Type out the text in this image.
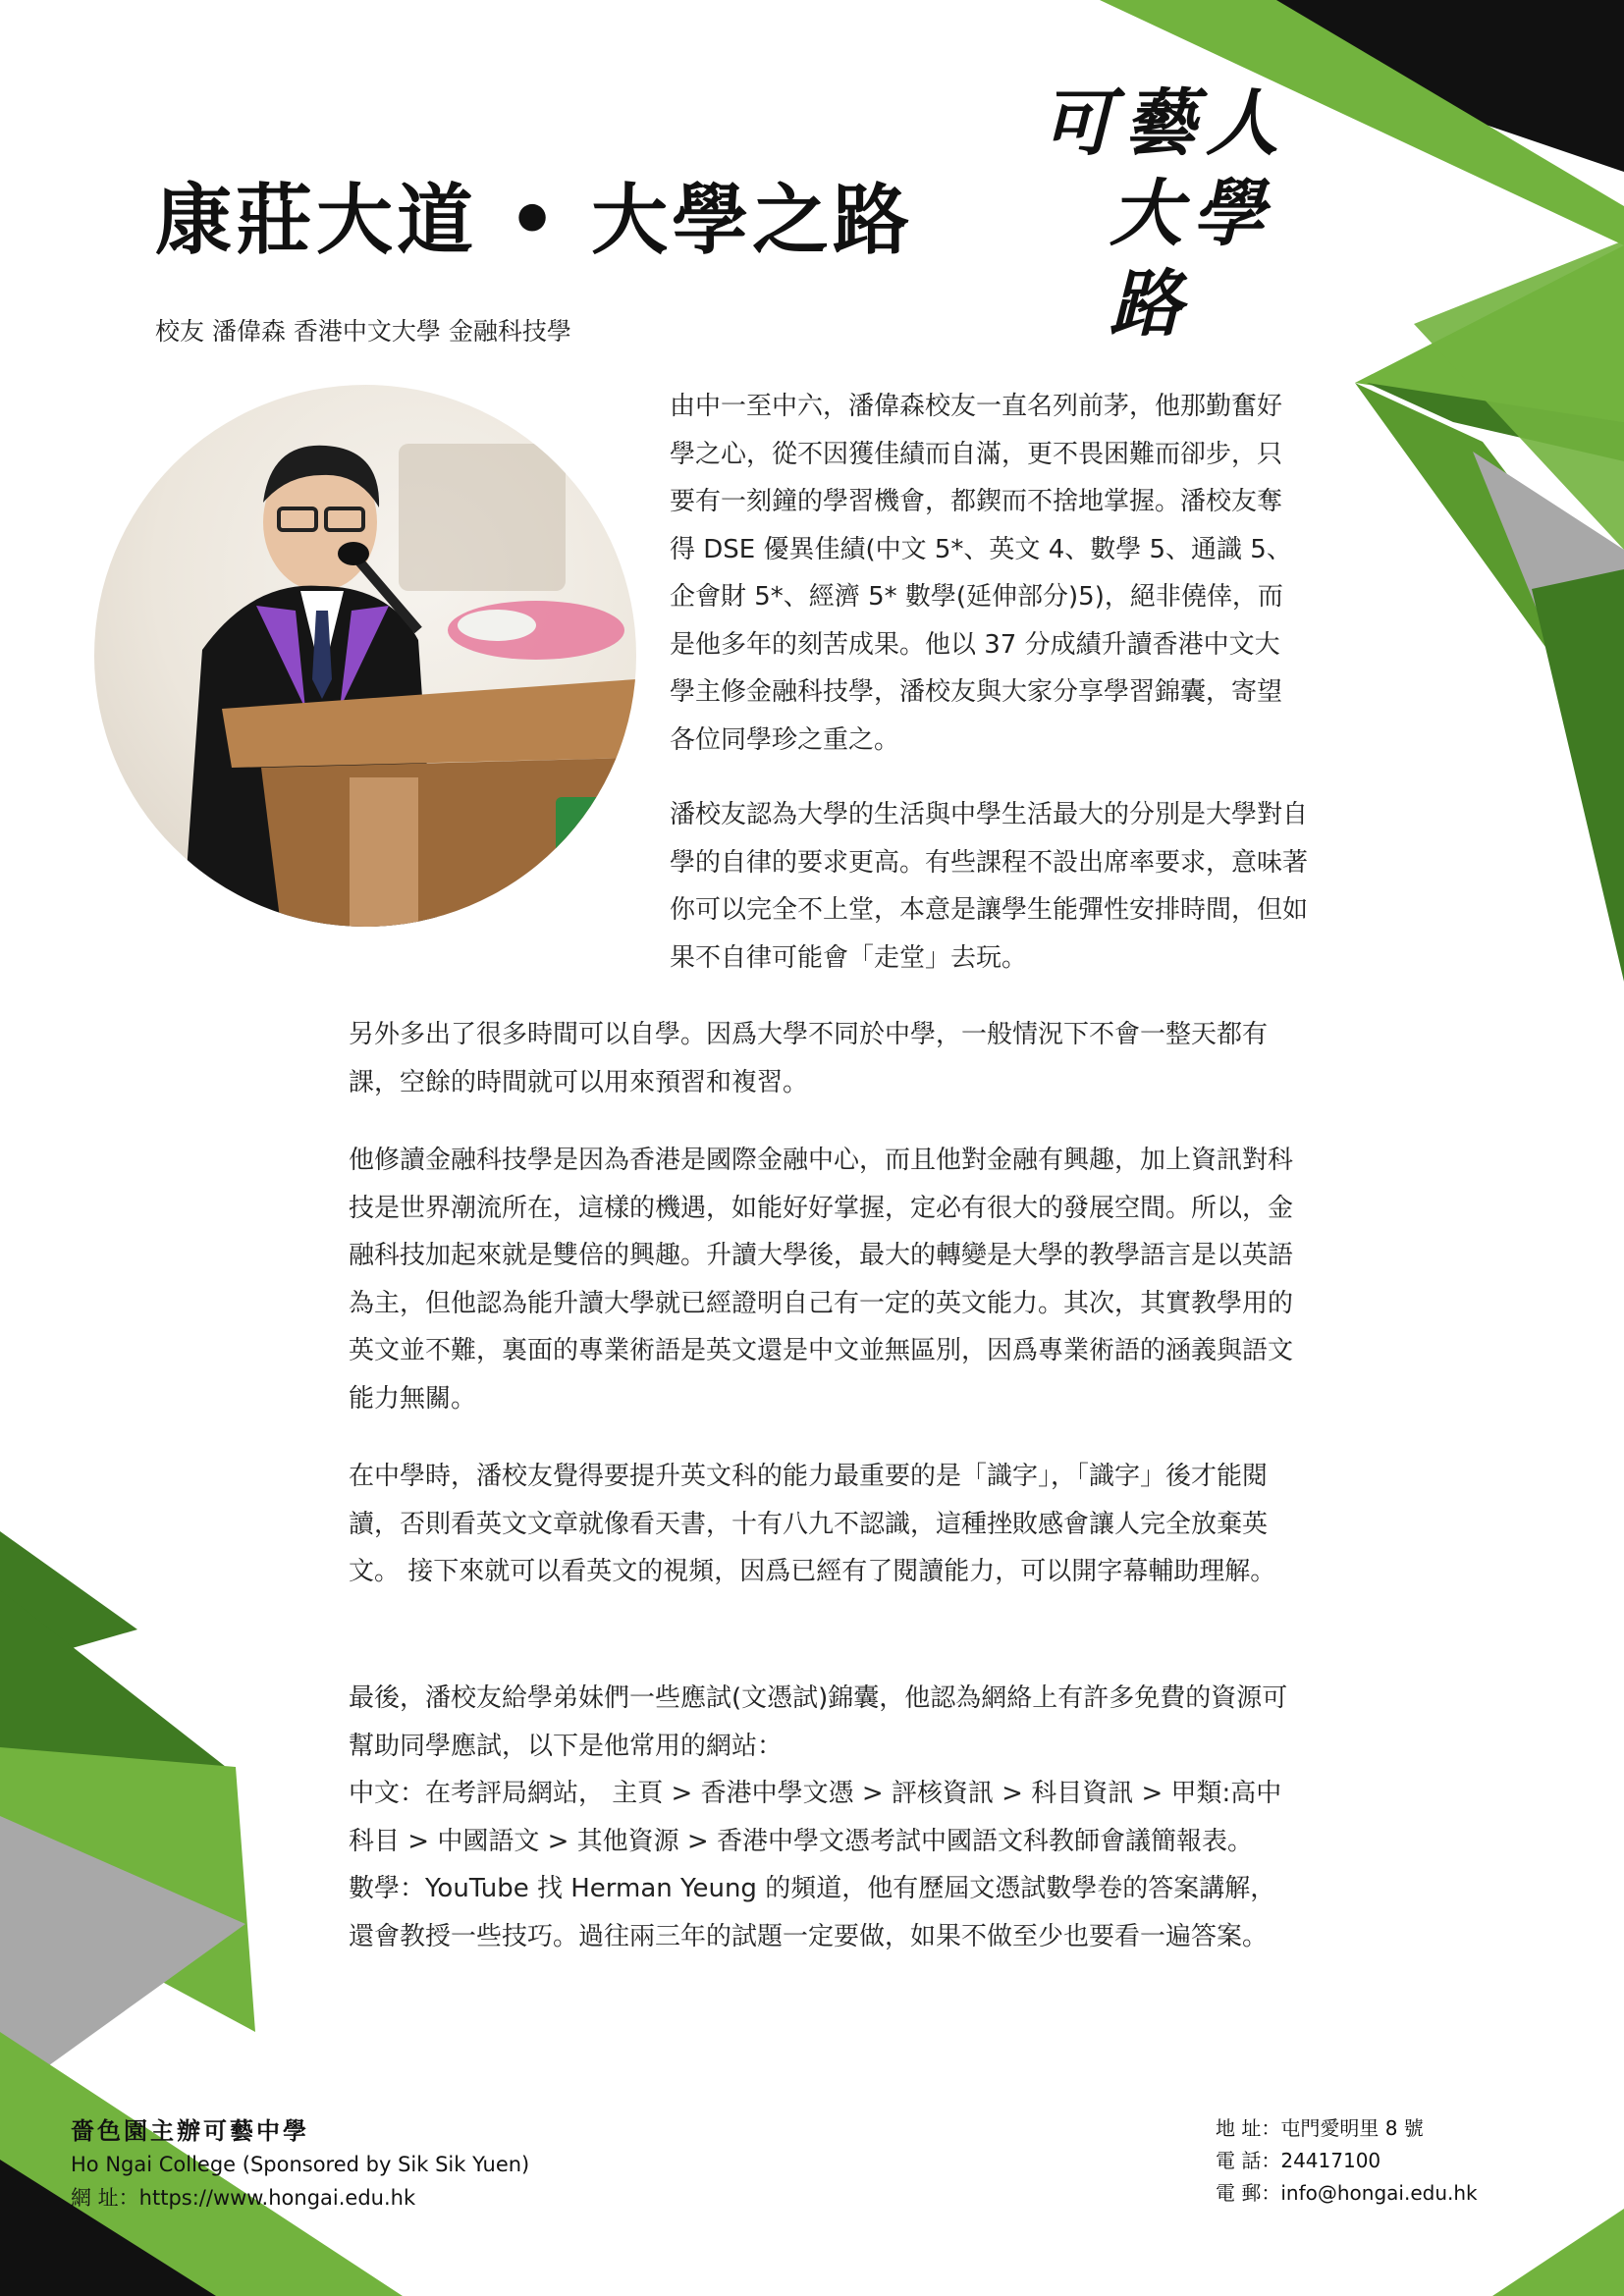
康莊大道 • 大學之路
可藝人
大學路
校友 潘偉森 香港中文大學 金融科技學

由中一至中六，潘偉森校友一直名列前茅，他那勤奮好學之心，從不因獲佳績而自滿，更不畏困難而卻步，只要有一刻鐘的學習機會，都鍥而不捨地掌握。潘校友奪得 DSE 優異佳績(中文 5*、英文 4、數學 5、通識 5、企會財 5*、經濟 5* 數學(延伸部分)5)，絕非僥倖，而是他多年的刻苦成果。他以 37 分成績升讀香港中文大學主修金融科技學，潘校友與大家分享學習錦囊，寄望各位同學珍之重之。

潘校友認為大學的生活與中學生活最大的分別是大學對自學的自律的要求更高。有些課程不設出席率要求，意味著你可以完全不上堂，本意是讓學生能彈性安排時間，但如果不自律可能會「走堂」去玩。

另外多出了很多時間可以自學。因爲大學不同於中學，一般情況下不會一整天都有課，空餘的時間就可以用來預習和複習。

他修讀金融科技學是因為香港是國際金融中心，而且他對金融有興趣，加上資訊對科技是世界潮流所在，這樣的機遇，如能好好掌握，定必有很大的發展空間。所以，金融科技加起來就是雙倍的興趣。升讀大學後，最大的轉變是大學的教學語言是以英語為主，但他認為能升讀大學就已經證明自己有一定的英文能力。其次，其實教學用的英文並不難，裏面的專業術語是英文還是中文並無區別，因爲專業術語的涵義與語文能力無關。

在中學時，潘校友覺得要提升英文科的能力最重要的是「識字」，「識字」後才能閱讀，否則看英文文章就像看天書，十有八九不認識，這種挫敗感會讓人完全放棄英文。 接下來就可以看英文的視頻，因爲已經有了閱讀能力，可以開字幕輔助理解。

最後，潘校友給學弟妹們一些應試(文憑試)錦囊，他認為網絡上有許多免費的資源可幫助同學應試，以下是他常用的網站：
中文：在考評局網站， 主頁 > 香港中學文憑 > 評核資訊 > 科目資訊 > 甲類:高中科目 > 中國語文 > 其他資源 > 香港中學文憑考試中國語文科教師會議簡報表。
數學：YouTube 找 Herman Yeung 的頻道，他有歷屆文憑試數學卷的答案講解，還會教授一些技巧。過往兩三年的試題一定要做，如果不做至少也要看一遍答案。

嗇色園主辦可藝中學
Ho Ngai College (Sponsored by Sik Sik Yuen)
網 址：https://www.hongai.edu.hk
地 址：屯門愛明里 8 號
電 話：24417100
電 郵：info@hongai.edu.hk
